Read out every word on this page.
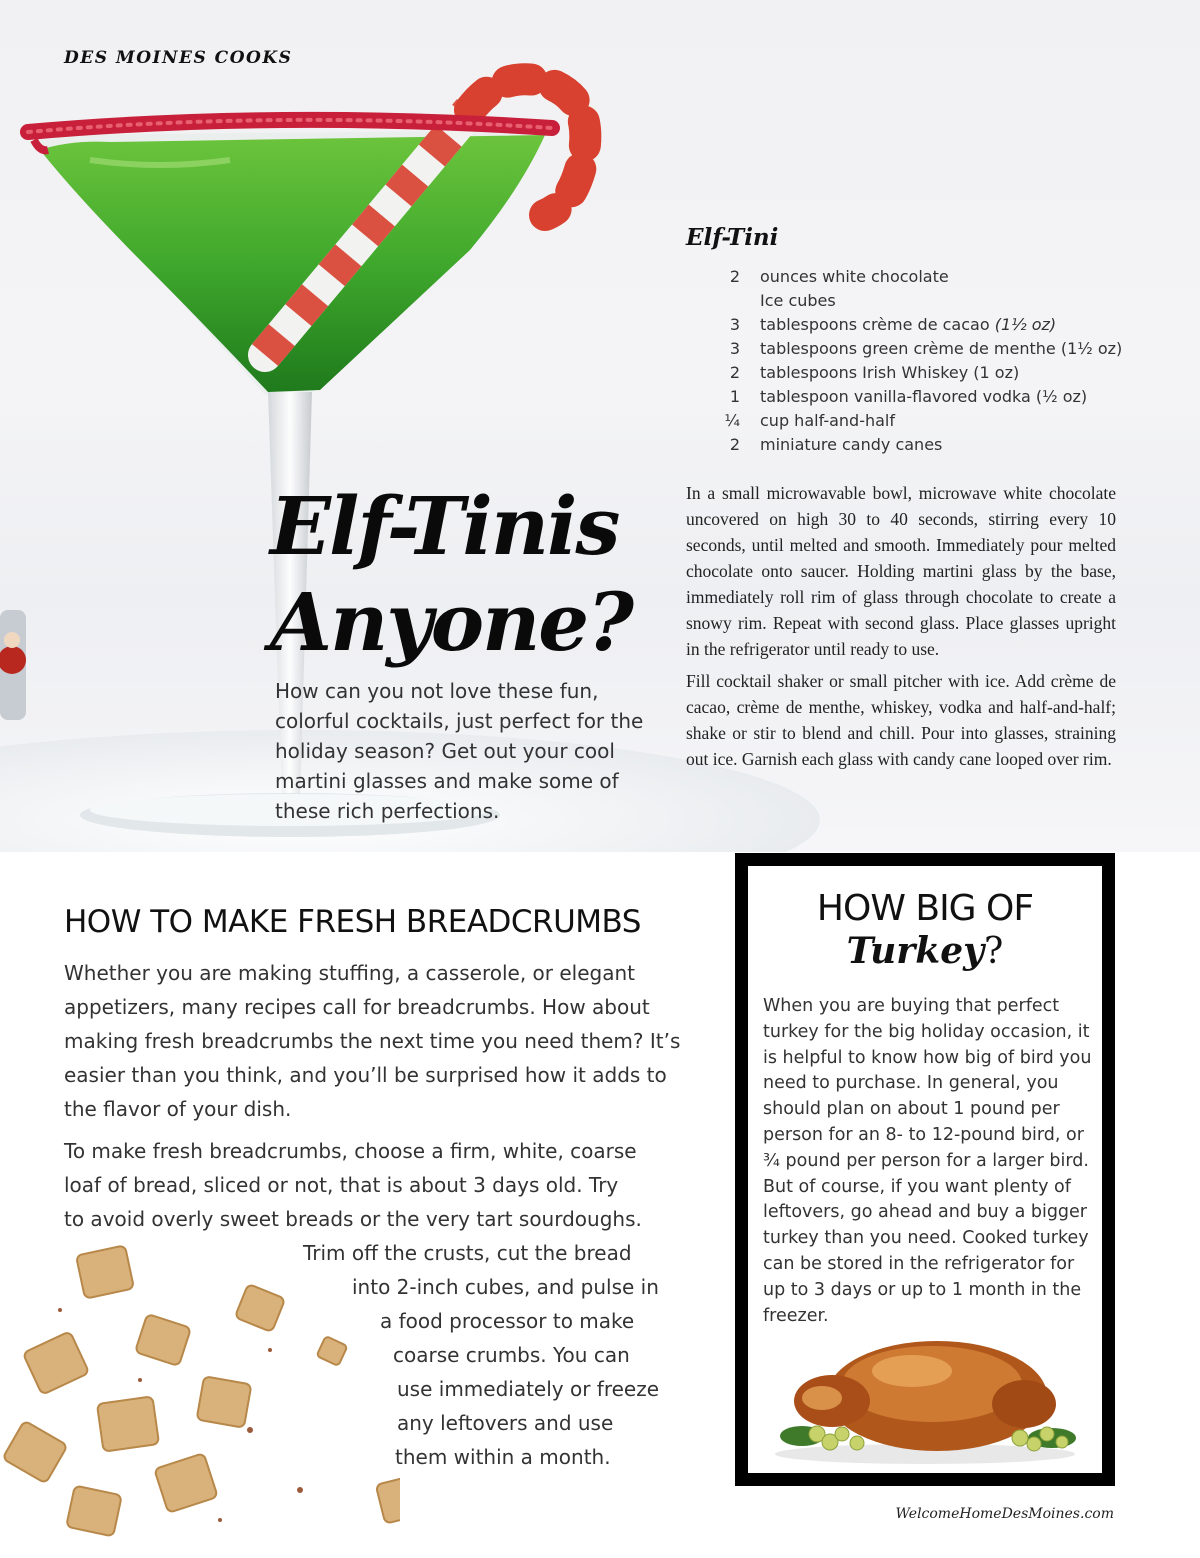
DES MOINES COOKS
Elf-Tini
2	ounces white chocolate
Ice cubes
3	tablespoons crème de cacao
(1½ oz)
3	tablespoons green crème de menthe (1½ oz)
2	tablespoons Irish Whiskey (1 oz)
1	tablespoon vanilla-flavored vodka (½ oz)
¼	cup half-and-half
2	miniature candy canes

In a small microwavable bowl, microwave white chocolate uncovered on high 30 to 40 seconds, stirring every 10 seconds, until melted and smooth. Immediately pour melted chocolate onto saucer. Holding martini glass by the base, immediately roll rim of glass through chocolate to create a snowy rim. Repeat with second glass. Place glasses upright in the refrigerator until ready to use.

Fill cocktail shaker or small pitcher with ice. Add crème de cacao, crème de menthe, whiskey, vodka and half-and-half; shake or stir to blend and chill. Pour into glasses, straining out ice. Garnish each glass with candy cane looped over rim.

Elf-Tinis
Anyone?
How can you not love these fun, colorful cocktails, just perfect for the holiday season? Get out your cool martini glasses and make some of these rich perfections.
HOW TO MAKE FRESH BREADCRUMBS
Whether you are making stuffing, a casserole, or elegant appetizers, many recipes call for breadcrumbs. How about making fresh breadcrumbs the next time you need them? It’s easier than you think, and you’ll be surprised how it adds to the flavor of your dish.
To make fresh breadcrumbs, choose a firm, white, coarse
loaf of bread, sliced or not, that is about 3 days old. Try
to avoid overly sweet breads or the very tart sourdoughs.
Trim off the crusts, cut the bread
into 2-inch cubes, and pulse in
a food processor to make
coarse crumbs. You can
use immediately or freeze
any leftovers and use
them within a month.
HOW BIG OF
Turkey?
When you are buying that perfect turkey for the big holiday occasion, it is helpful to know how big of bird you need to purchase. In general, you should plan on about 1 pound per person for an 8- to 12-pound bird, or ¾ pound per person for a larger bird. But of course, if you want plenty of leftovers, go ahead and buy a bigger turkey than you need. Cooked turkey can be stored in the refrigerator for up to 3 days or up to 1 month in the freezer.
WelcomeHomeDesMoines.com
